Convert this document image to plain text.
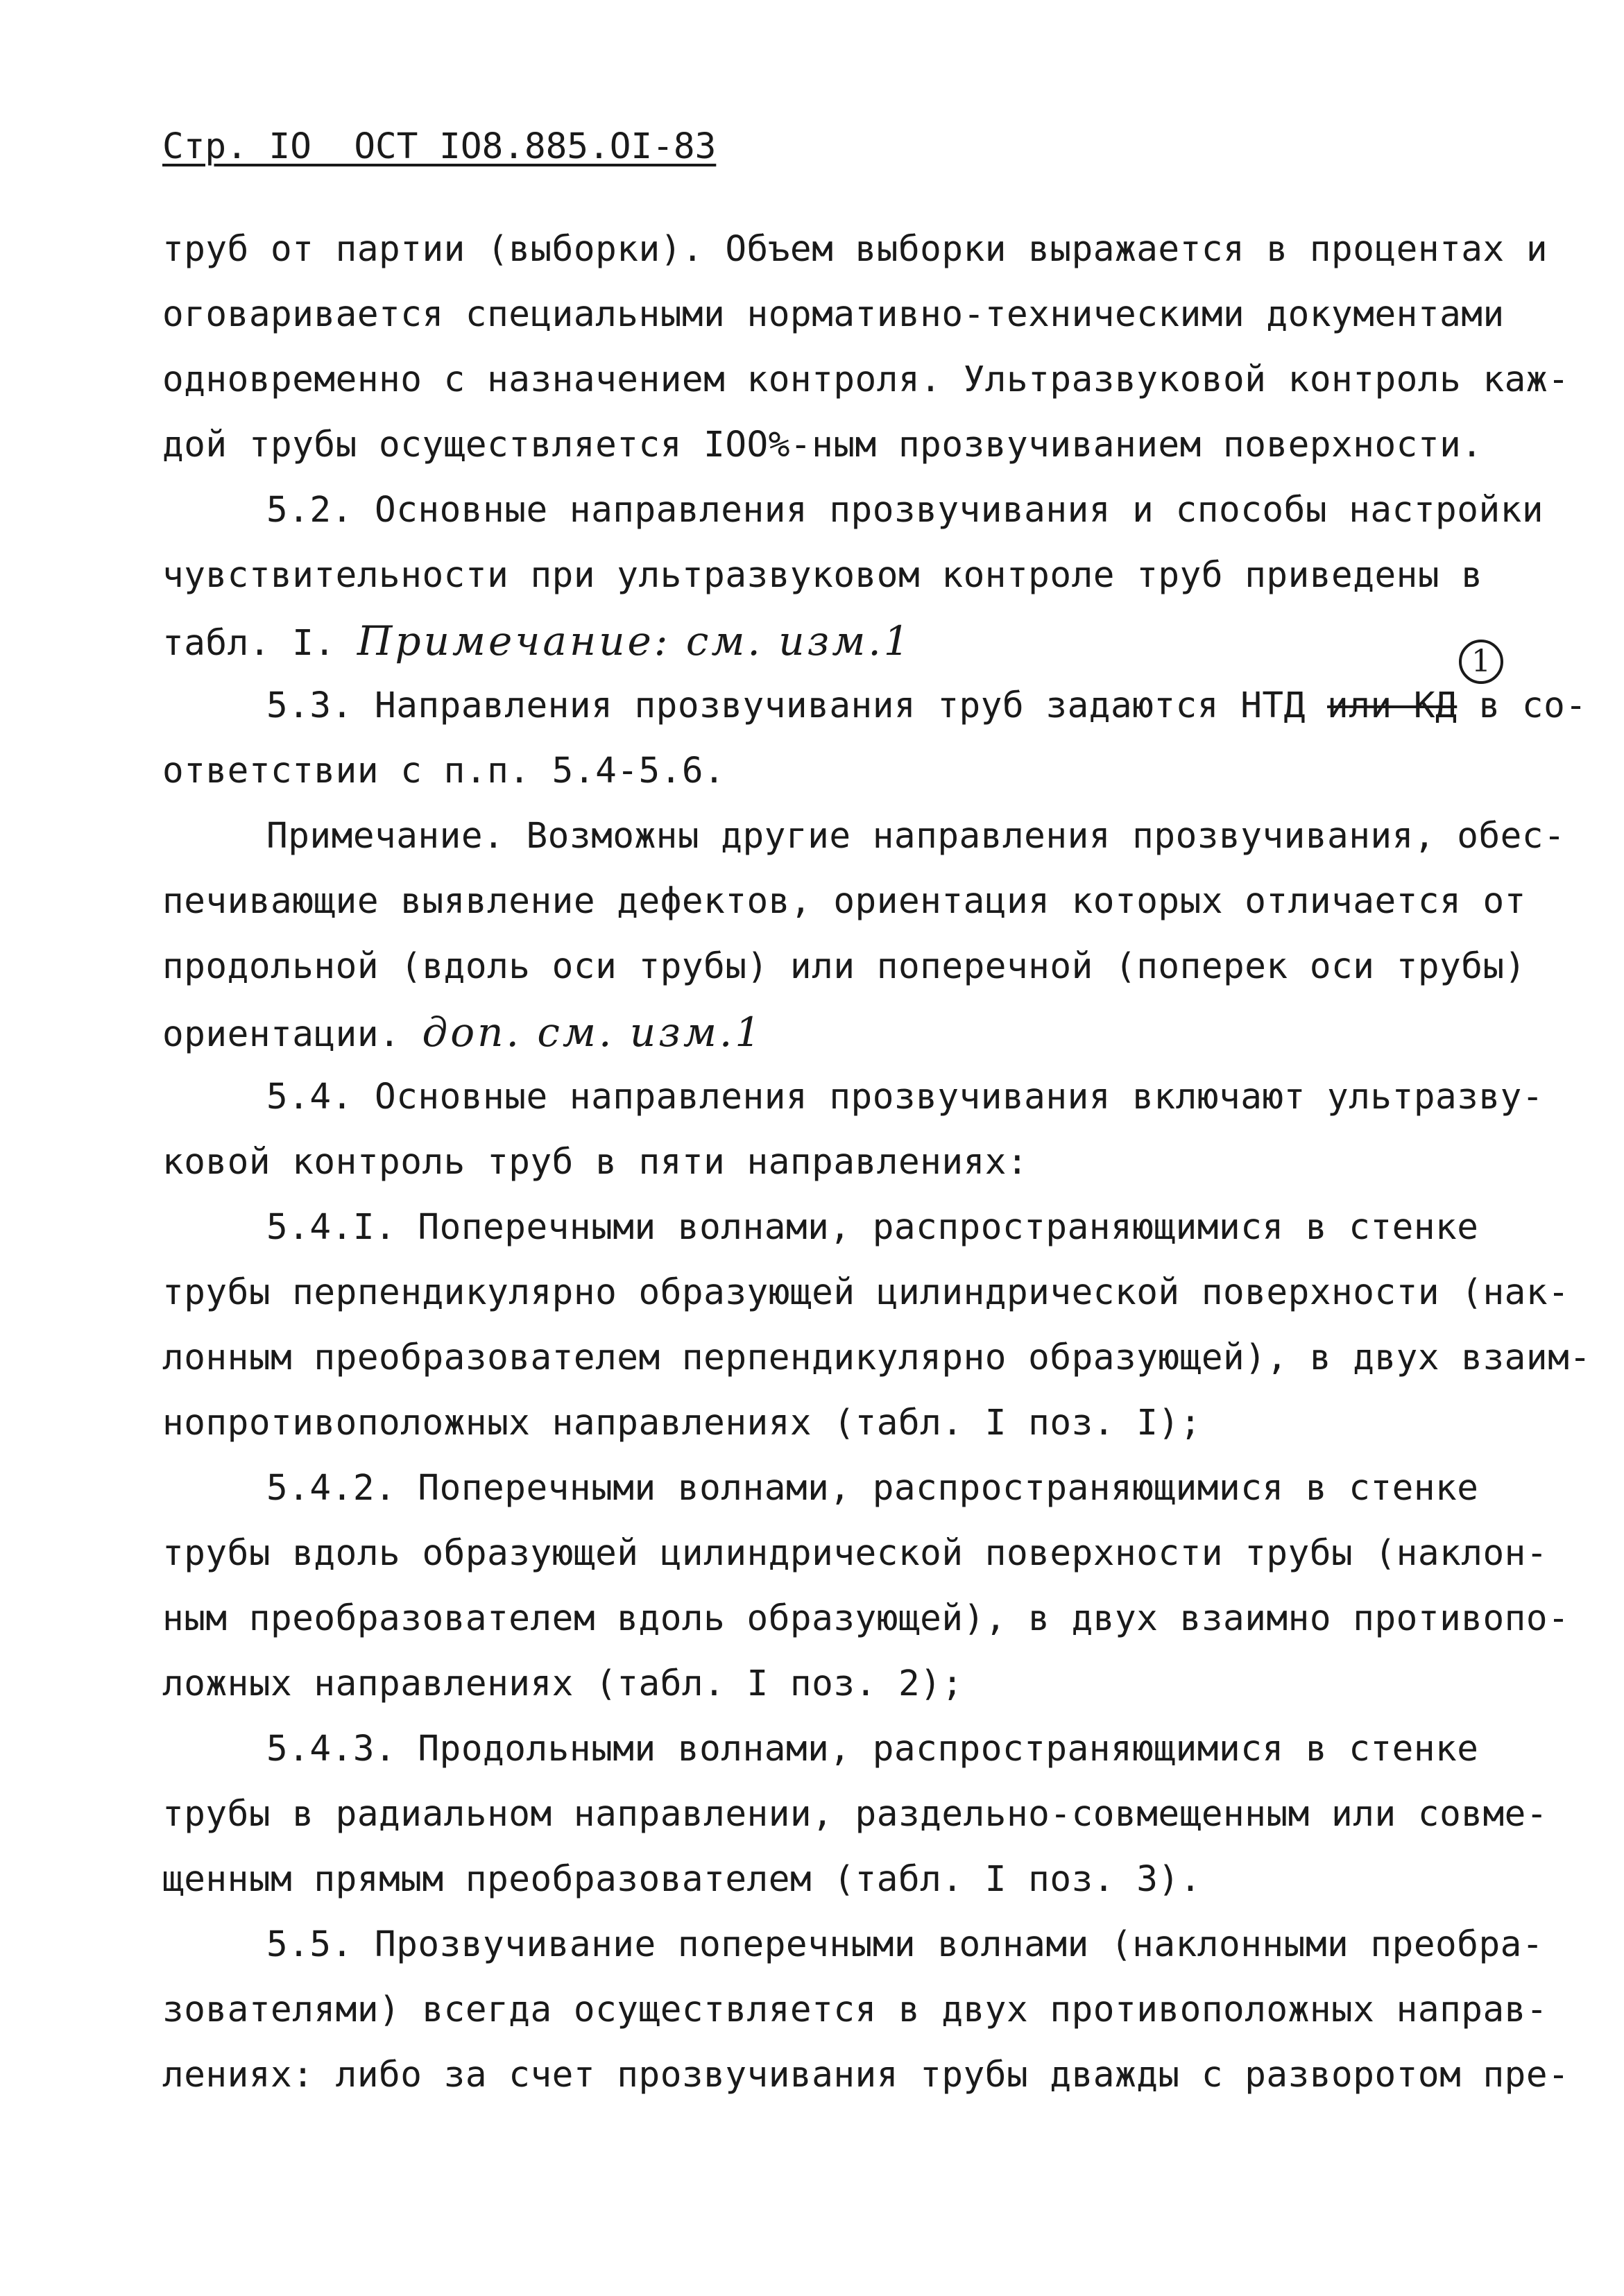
Стр. IO  ОСТ IO8.885.OI-83
труб от партии (выборки). Объем выборки выражается в процентах и
оговаривается специальными нормативно-техническими документами
одновременно с назначением контроля. Ультразвуковой контроль каж-
дой трубы осуществляется IOO%-ным прозвучиванием поверхности.
5.2. Основные направления прозвучивания и способы настройки
чувствительности при ультразвуковом контроле труб приведены в
табл. I. Примечание: см. изм.1
5.3. Направления прозвучивания труб задаются НТД или КД в со-
ответствии с п.п. 5.4-5.6.
1
Примечание. Возможны другие направления прозвучивания, обес-
печивающие выявление дефектов, ориентация которых отличается от
продольной (вдоль оси трубы) или поперечной (поперек оси трубы)
ориентации. доп. см. изм.1
5.4. Основные направления прозвучивания включают ультразву-
ковой контроль труб в пяти направлениях:
5.4.I. Поперечными волнами, распространяющимися в стенке
трубы перпендикулярно образующей цилиндрической поверхности (нак-
лонным преобразователем перпендикулярно образующей), в двух взаим-
нопротивоположных направлениях (табл. I поз. I);
5.4.2. Поперечными волнами, распространяющимися в стенке
трубы вдоль образующей цилиндрической поверхности трубы (наклон-
ным преобразователем вдоль образующей), в двух взаимно противопо-
ложных направлениях (табл. I поз. 2);
5.4.3. Продольными волнами, распространяющимися в стенке
трубы в радиальном направлении, раздельно-совмещенным или совме-
щенным прямым преобразователем (табл. I поз. 3).
5.5. Прозвучивание поперечными волнами (наклонными преобра-
зователями) всегда осуществляется в двух противоположных направ-
лениях: либо за счет прозвучивания трубы дважды с разворотом пре-
